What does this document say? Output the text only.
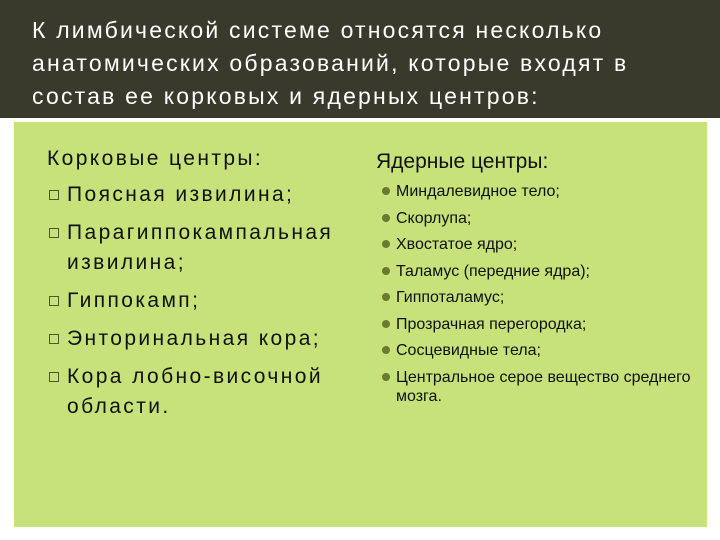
К лимбической системе относятся несколько анатомических образований, которые входят в состав ее корковых и ядерных центров:
Корковые центры:
Поясная извилина;
Парагиппокампальная извилина;
Гиппокамп;
Энторинальная кора;
Кора лобно-височной области.
Ядерные центры:
Миндалевидное тело;
Скорлупа;
Хвостатое ядро;
Таламус (передние ядра);
Гиппоталамус;
Прозрачная перегородка;
Сосцевидные тела;
Центральное серое вещество среднего мозга.
